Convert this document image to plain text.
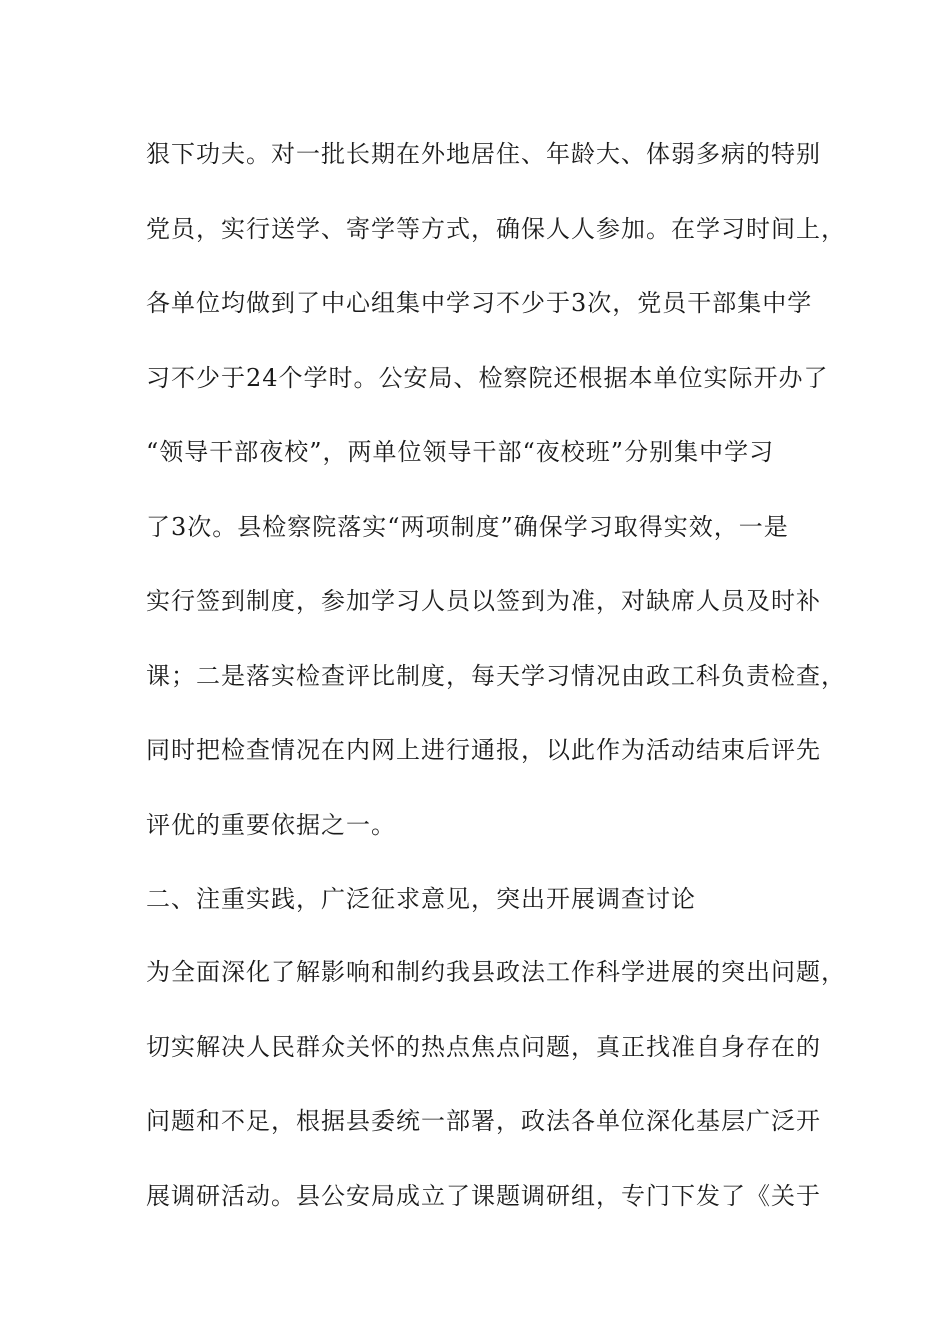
狠下功夫。对一批长期在外地居住、年龄大、体弱多病的特别
党员，实行送学、寄学等方式，确保人人参加。在学习时间上，
各单位均做到了中心组集中学习不少于3次，党员干部集中学
习不少于24个学时。公安局、检察院还根据本单位实际开办了
“领导干部夜校”，两单位领导干部“夜校班”分别集中学习
了3次。县检察院落实“两项制度”确保学习取得实效，一是
实行签到制度，参加学习人员以签到为准，对缺席人员及时补
课；二是落实检查评比制度，每天学习情况由政工科负责检查，
同时把检查情况在内网上进行通报，以此作为活动结束后评先
评优的重要依据之一。
二、注重实践，广泛征求意见，突出开展调查讨论
为全面深化了解影响和制约我县政法工作科学进展的突出问题，
切实解决人民群众关怀的热点焦点问题，真正找准自身存在的
问题和不足，根据县委统一部署，政法各单位深化基层广泛开
展调研活动。县公安局成立了课题调研组，专门下发了《关于
